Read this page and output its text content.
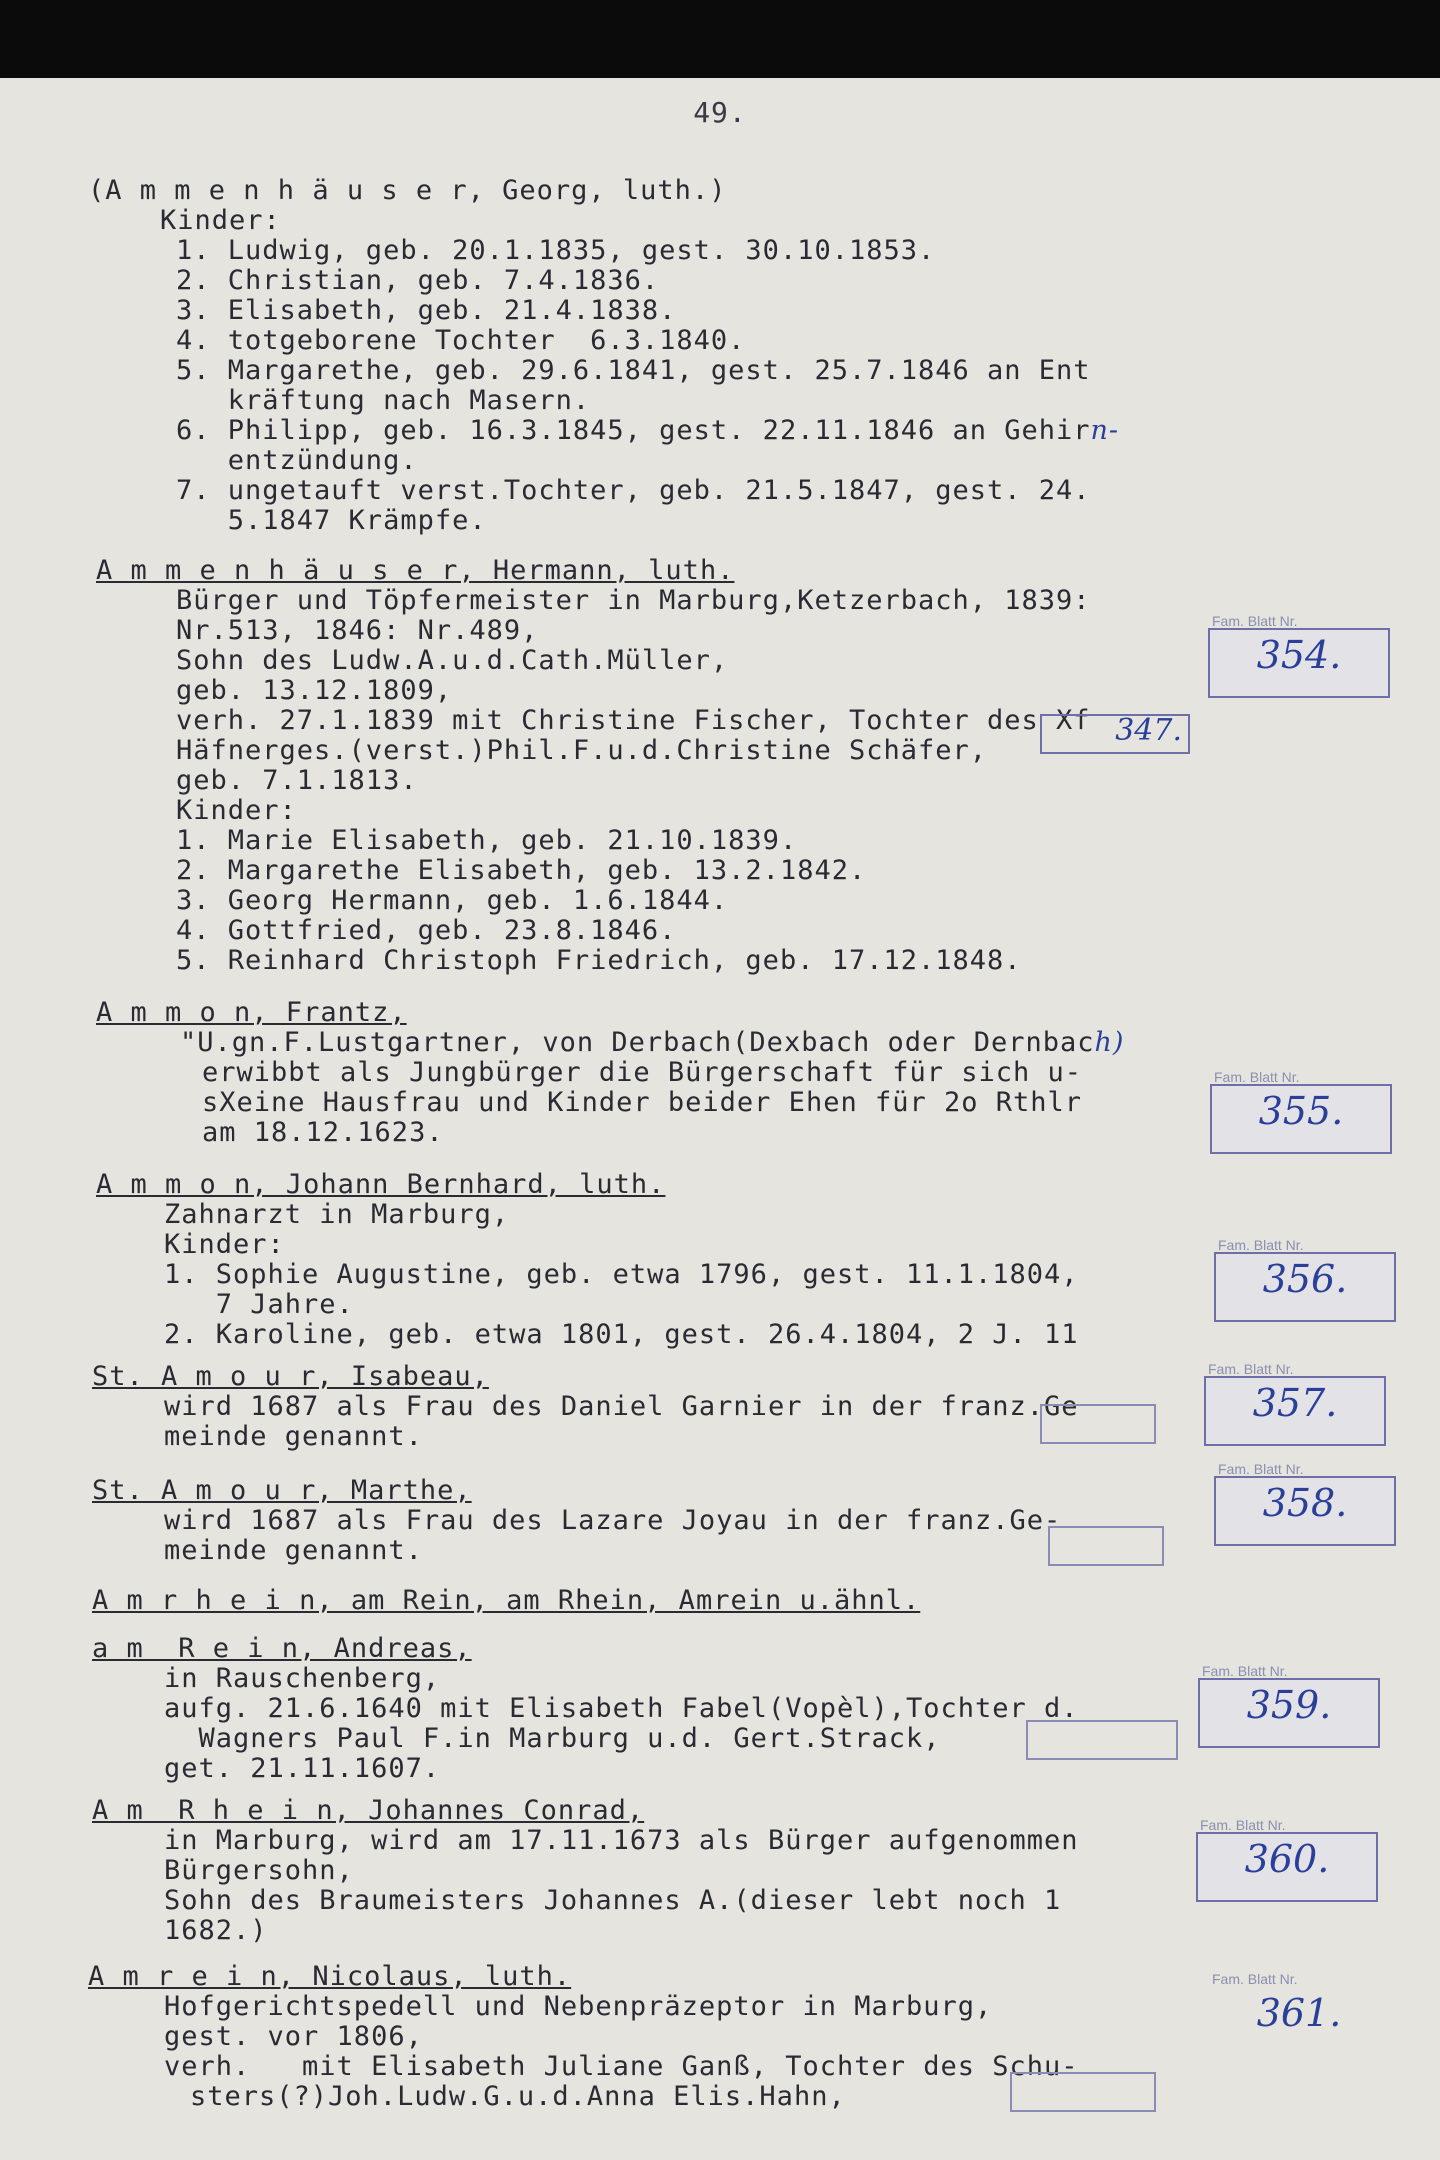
49.
(A m m e n h ä u s e r, Georg, luth.)
Kinder:
1. Ludwig, geb. 20.1.1835, gest. 30.10.1853.
2. Christian, geb. 7.4.1836.
3. Elisabeth, geb. 21.4.1838.
4. totgeborene Tochter  6.3.1840.
5. Margarethe, geb. 29.6.1841, gest. 25.7.1846 an Ent
kräftung nach Masern.
6. Philipp, geb. 16.3.1845, gest. 22.11.1846 an Gehirn-
entzündung.
7. ungetauft verst.Tochter, geb. 21.5.1847, gest. 24.
5.1847 Krämpfe.
A m m e n h ä u s e r, Hermann, luth.
Bürger und Töpfermeister in Marburg,Ketzerbach, 1839:
Nr.513, 1846: Nr.489,
Sohn des Ludw.A.u.d.Cath.Müller,
geb. 13.12.1809,
verh. 27.1.1839 mit Christine Fischer, Tochter des Xf
Häfnerges.(verst.)Phil.F.u.d.Christine Schäfer,
geb. 7.1.1813.
Kinder:
1. Marie Elisabeth, geb. 21.10.1839.
2. Margarethe Elisabeth, geb. 13.2.1842.
3. Georg Hermann, geb. 1.6.1844.
4. Gottfried, geb. 23.8.1846.
5. Reinhard Christoph Friedrich, geb. 17.12.1848.
347.
Fam. Blatt Nr.
354.
A m m o n, Frantz,
"U.gn.F.Lustgartner, von Derbach(Dexbach oder Dernbach)
erwibbt als Jungbürger die Bürgerschaft für sich u-
sXeine Hausfrau und Kinder beider Ehen für 2o Rthlr
am 18.12.1623.
Fam. Blatt Nr.
355.
A m m o n, Johann Bernhard, luth.
Zahnarzt in Marburg,
Kinder:
1. Sophie Augustine, geb. etwa 1796, gest. 11.1.1804,
7 Jahre.
2. Karoline, geb. etwa 1801, gest. 26.4.1804, 2 J. 11
Fam. Blatt Nr.
356.
St. A m o u r, Isabeau,
wird 1687 als Frau des Daniel Garnier in der franz.Ge
meinde genannt.
Fam. Blatt Nr.
357.
St. A m o u r, Marthe,
wird 1687 als Frau des Lazare Joyau in der franz.Ge-
meinde genannt.
Fam. Blatt Nr.
358.
A m r h e i n, am Rein, am Rhein, Amrein u.ähnl.
a m  R e i n, Andreas,
in Rauschenberg,
aufg. 21.6.1640 mit Elisabeth Fabel(Vopèl),Tochter d.
Wagners Paul F.in Marburg u.d. Gert.Strack,
get. 21.11.1607.
Fam. Blatt Nr.
359.
A m  R h e i n, Johannes Conrad,
in Marburg, wird am 17.11.1673 als Bürger aufgenommen
Bürgersohn,
Sohn des Braumeisters Johannes A.(dieser lebt noch 1
1682.)
Fam. Blatt Nr.
360.
A m r e i n, Nicolaus, luth.
Hofgerichtspedell und Nebenpräzeptor in Marburg,
gest. vor 1806,
verh.   mit Elisabeth Juliane Ganß, Tochter des Schu-
sters(?)Joh.Ludw.G.u.d.Anna Elis.Hahn,
Fam. Blatt Nr.
361.
